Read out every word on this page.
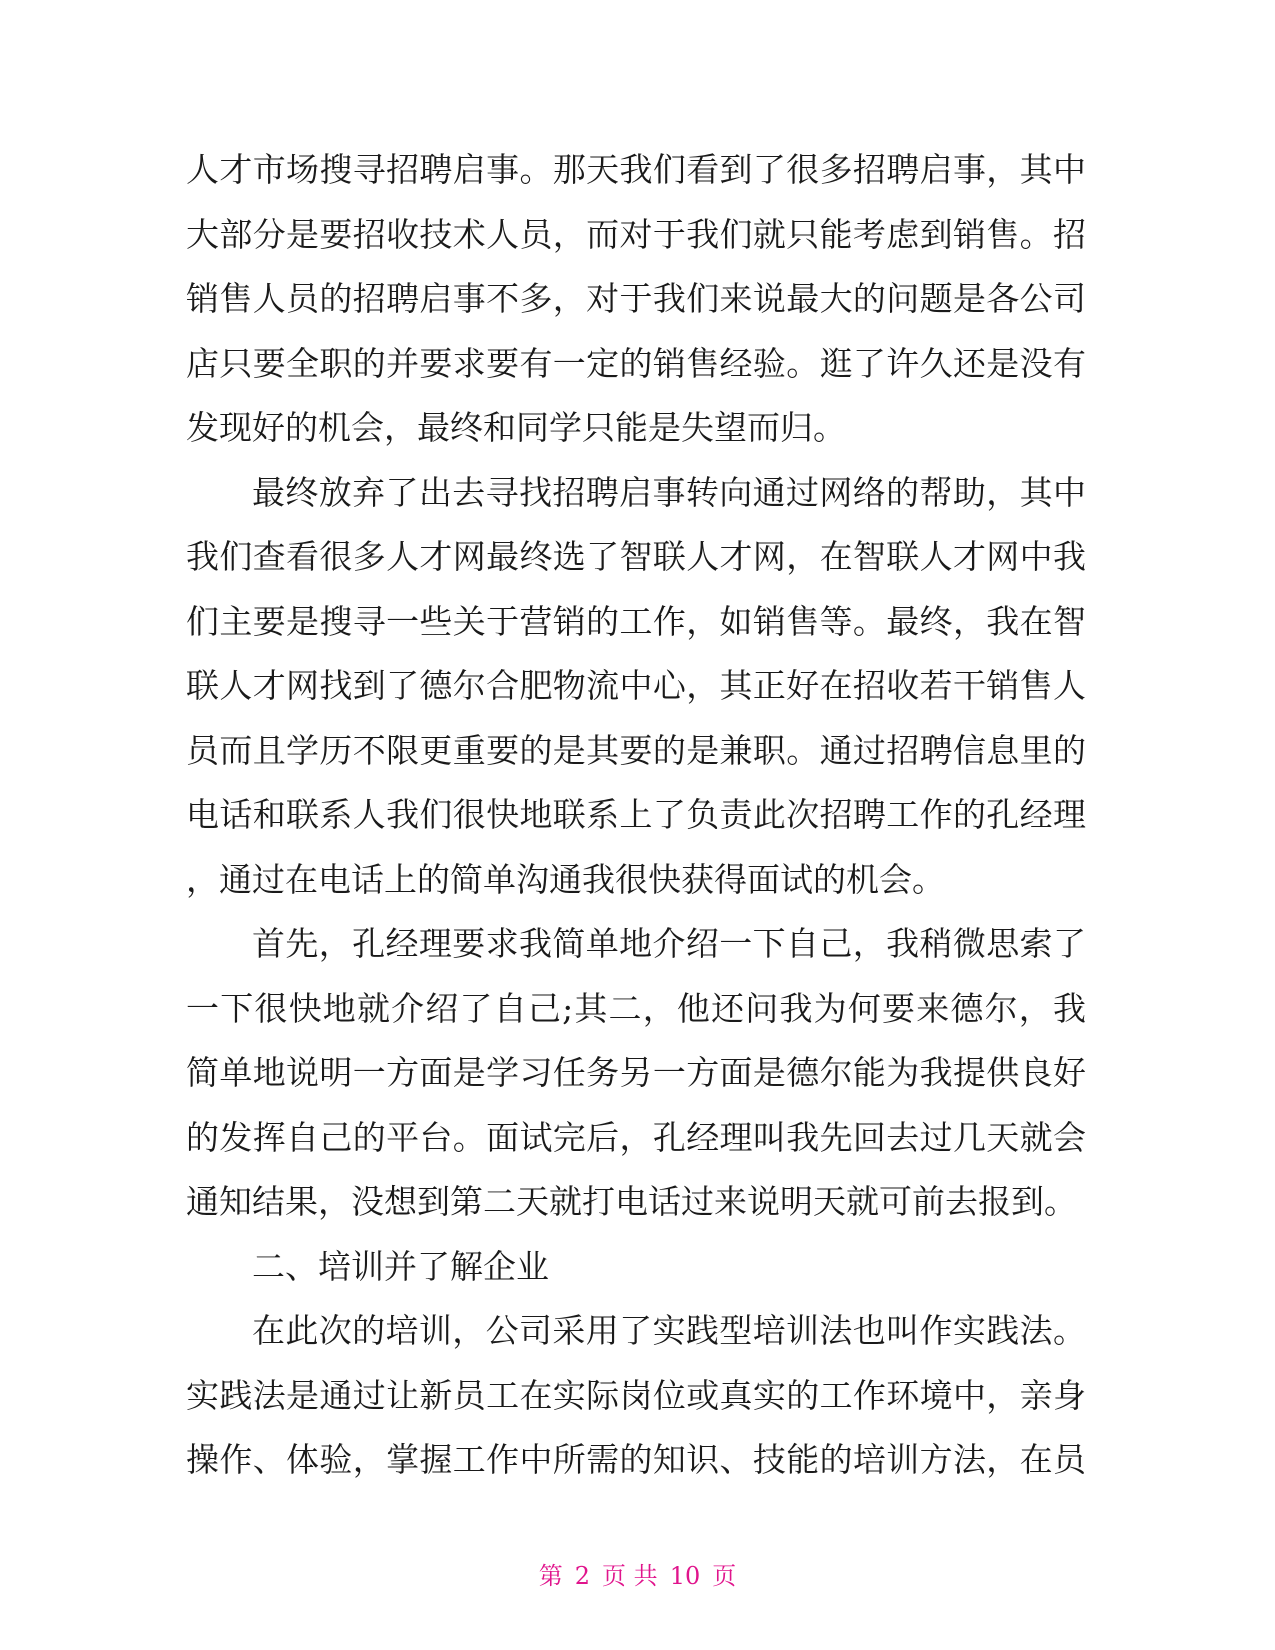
人才市场搜寻招聘启事。那天我们看到了很多招聘启事，其中
大部分是要招收技术人员，而对于我们就只能考虑到销售。招
销售人员的招聘启事不多，对于我们来说最大的问题是各公司
店只要全职的并要求要有一定的销售经验。逛了许久还是没有
发现好的机会，最终和同学只能是失望而归。
最终放弃了出去寻找招聘启事转向通过网络的帮助，其中
我们查看很多人才网最终选了智联人才网，在智联人才网中我
们主要是搜寻一些关于营销的工作，如销售等。最终，我在智
联人才网找到了德尔合肥物流中心，其正好在招收若干销售人
员而且学历不限更重要的是其要的是兼职。通过招聘信息里的
电话和联系人我们很快地联系上了负责此次招聘工作的孔经理
，通过在电话上的简单沟通我很快获得面试的机会。
首先，孔经理要求我简单地介绍一下自己，我稍微思索了
一下很快地就介绍了自己;其二，他还问我为何要来德尔，我
简单地说明一方面是学习任务另一方面是德尔能为我提供良好
的发挥自己的平台。面试完后，孔经理叫我先回去过几天就会
通知结果，没想到第二天就打电话过来说明天就可前去报到。
二、培训并了解企业
在此次的培训，公司采用了实践型培训法也叫作实践法。
实践法是通过让新员工在实际岗位或真实的工作环境中，亲身
操作、体验，掌握工作中所需的知识、技能的培训方法，在员
第 2 页 共 10 页
